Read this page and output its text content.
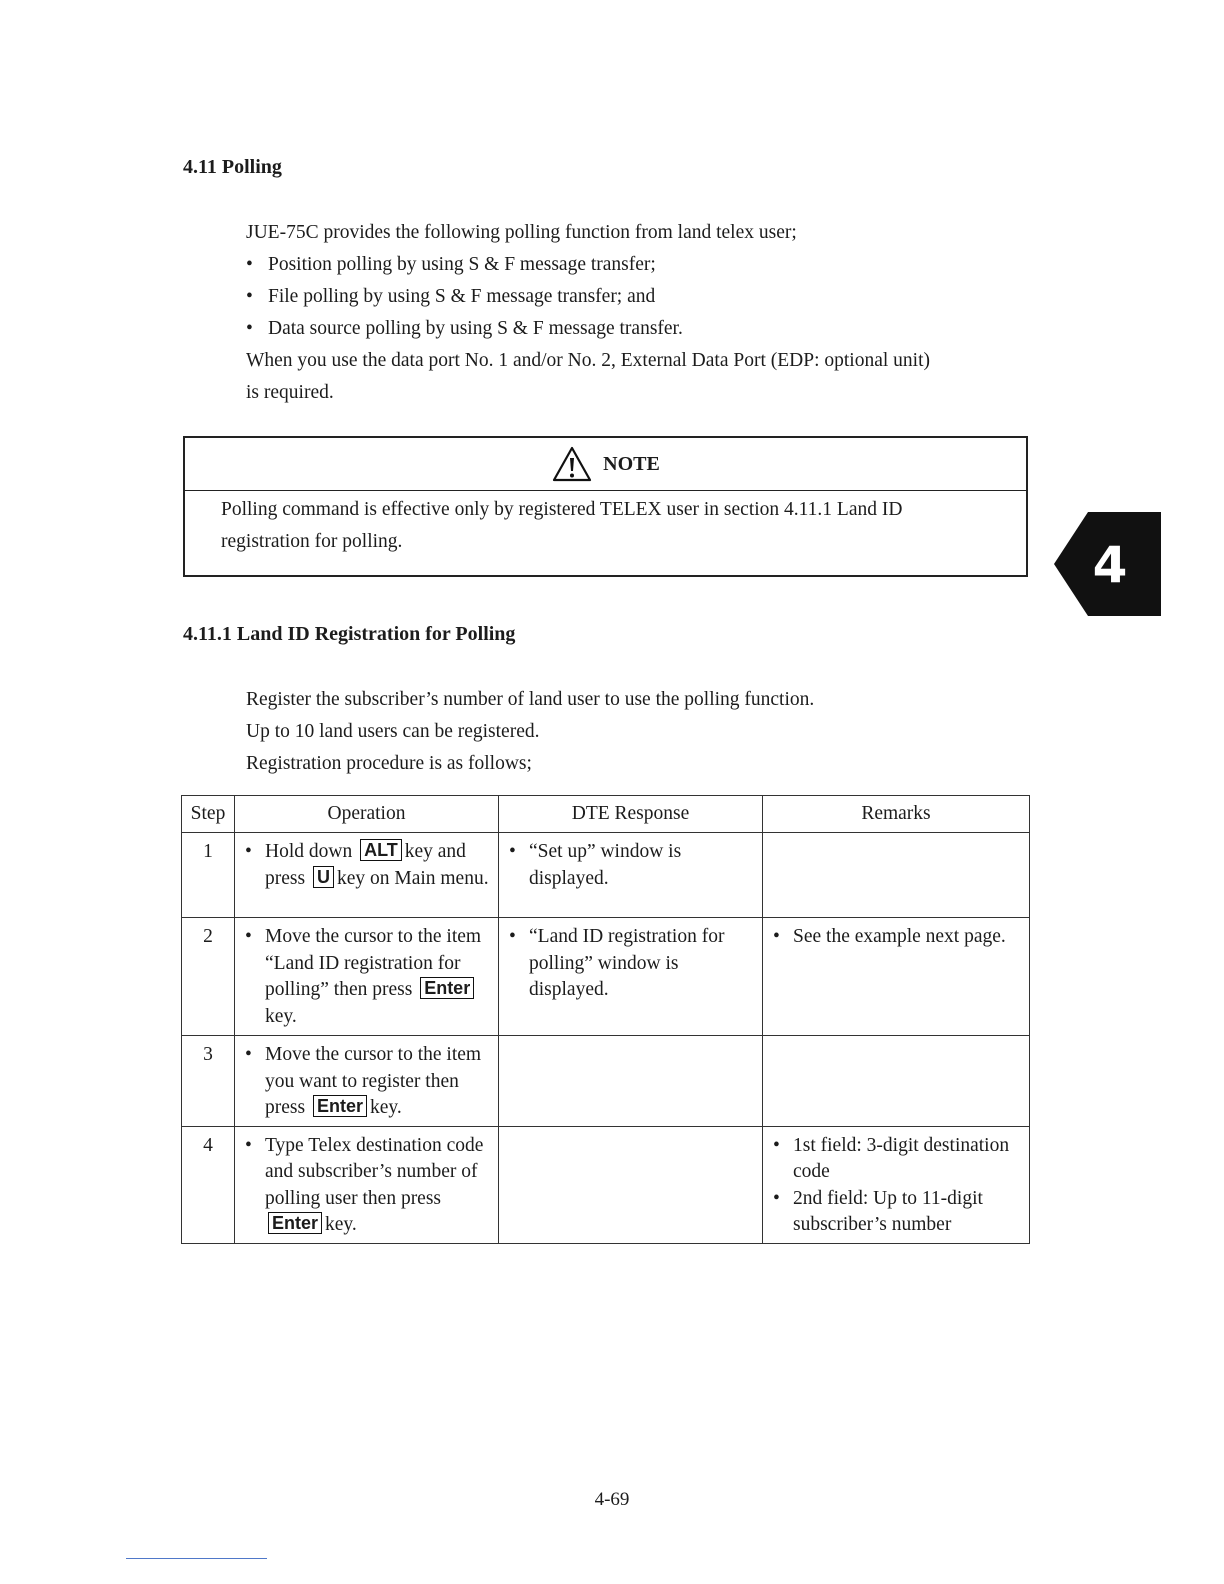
4.11 Polling

JUE-75C provides the following polling function from land telex user;

• Position polling by using S & F message transfer;

• File polling by using S & F message transfer; and

• Data source polling by using S & F message transfer.

When you use the data port No. 1 and/or No. 2, External Data Port (EDP: optional unit)

is required.

NOTE

Polling command is effective only by registered TELEX user in section 4.11.1 Land ID

registration for polling.	4
4.11.1 Land ID Registration for Polling

Register the subscriber’s number of land user to use the polling function.

Up to 10 land users can be registered.

Registration procedure is as follows;

Step	Operation	DTE Response	Remarks
1	• Hold down ALT key and press U key on Main menu.	• “Set up” window is displayed.

2	• Move the cursor to the item “Land ID registration for polling” then press Enterkey.	• “Land ID registration for polling” window is displayed.	• See the example next page.

3	• Move the cursor to the item you want to register then press Enter key.

4	• Type Telex destination code and subscriber’s number of polling user then press Enter key.		• 1st field: 3-digit destination code
• 2nd field: Up to 11-digit subscriber’s number
4-69
